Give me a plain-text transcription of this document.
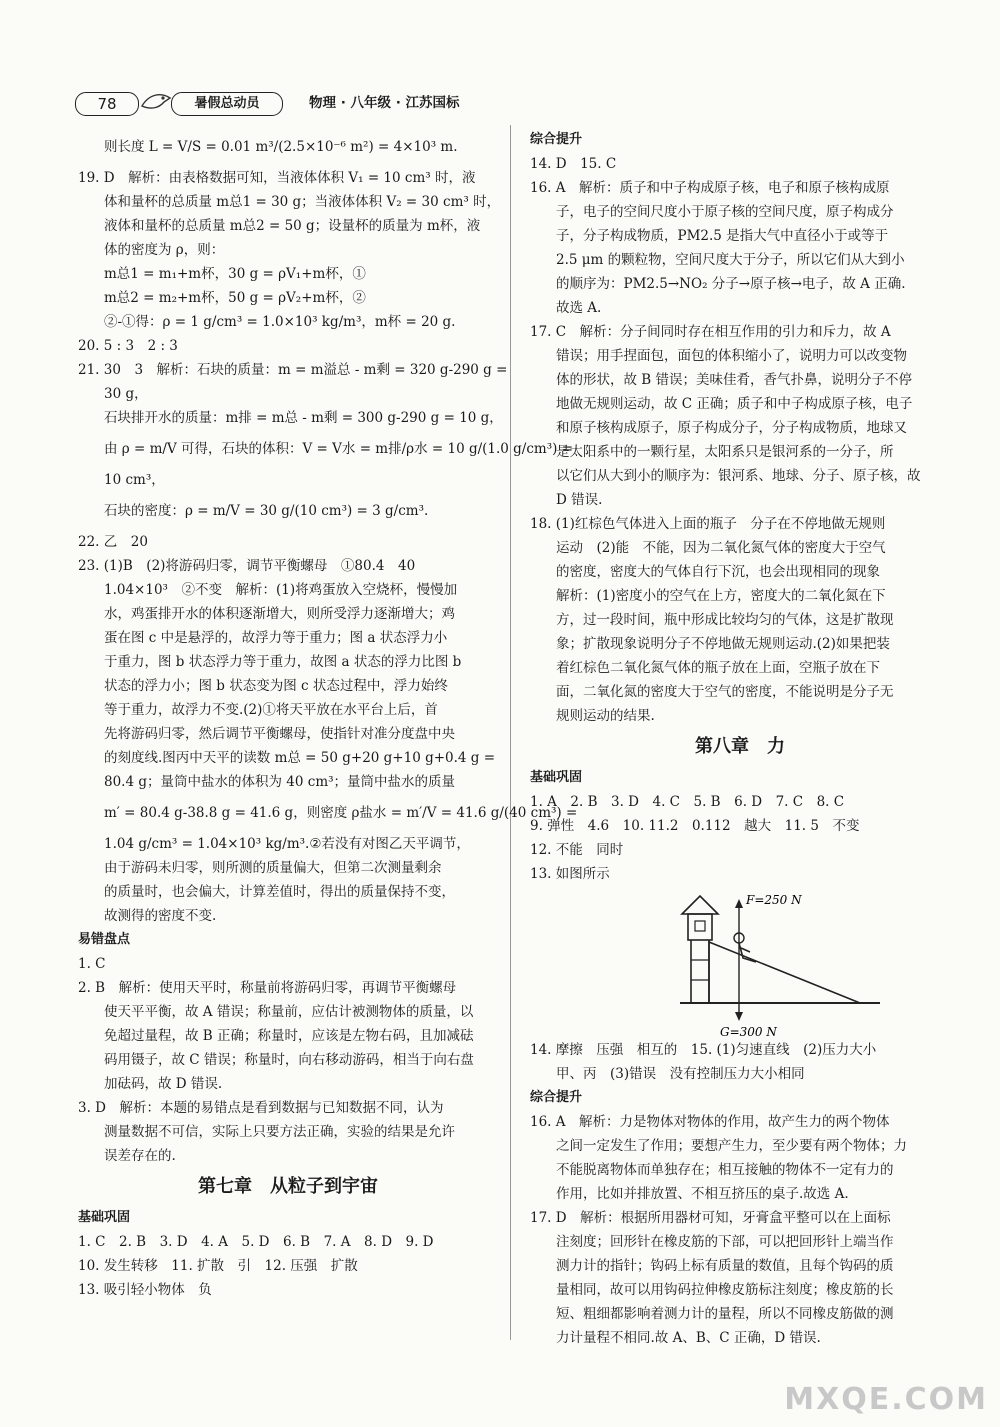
78	暑假总动员	物理 · 八年级 · 江苏国标
则长度 L = V/S = 0.01 m³/(2.5×10⁻⁶ m²) = 4×10³ m.
19. D　解析：由表格数据可知，当液体体积 V₁ = 10 cm³ 时，液
体和量杯的总质量 m总1 = 30 g；当液体体积 V₂ = 30 cm³ 时，
液体和量杯的总质量 m总2 = 50 g；设量杯的质量为 m杯，液
体的密度为 ρ，则：
m总1 = m₁+m杯，30 g = ρV₁+m杯，①
m总2 = m₂+m杯，50 g = ρV₂+m杯，②
②-①得：ρ = 1 g/cm³ = 1.0×10³ kg/m³，m杯 = 20 g.
20. 5 : 3　2 : 3
21. 30　3　解析：石块的质量：m = m溢总 - m剩 = 320 g-290 g =
30 g，
石块排开水的质量：m排 = m总 - m剩 = 300 g-290 g = 10 g，
由 ρ = m/V 可得，石块的体积：V = V水 = m排/ρ水 = 10 g/(1.0 g/cm³) =
10 cm³，
石块的密度：ρ = m/V = 30 g/(10 cm³) = 3 g/cm³.
22. 乙　20
23. (1)B　(2)将游码归零，调节平衡螺母　①80.4　40
1.04×10³　②不变　解析：(1)将鸡蛋放入空烧杯，慢慢加
水，鸡蛋排开水的体积逐渐增大，则所受浮力逐渐增大；鸡
蛋在图 c 中是悬浮的，故浮力等于重力；图 a 状态浮力小
于重力，图 b 状态浮力等于重力，故图 a 状态的浮力比图 b
状态的浮力小；图 b 状态变为图 c 状态过程中，浮力始终
等于重力，故浮力不变.(2)①将天平放在水平台上后，首
先将游码归零，然后调节平衡螺母，使指针对准分度盘中央
的刻度线.图丙中天平的读数 m总 = 50 g+20 g+10 g+0.4 g =
80.4 g；量筒中盐水的体积为 40 cm³；量筒中盐水的质量
m′ = 80.4 g-38.8 g = 41.6 g，则密度 ρ盐水 = m′/V = 41.6 g/(40 cm³) =
1.04 g/cm³ = 1.04×10³ kg/m³.②若没有对图乙天平调节，
由于游码未归零，则所测的质量偏大，但第二次测量剩余
的质量时，也会偏大，计算差值时，得出的质量保持不变，
故测得的密度不变.
易错盘点
1. C
2. B　解析：使用天平时，称量前将游码归零，再调节平衡螺母
使天平平衡，故 A 错误；称量前，应估计被测物体的质量，以
免超过量程，故 B 正确；称量时，应该是左物右码，且加减砝
码用镊子，故 C 错误；称量时，向右移动游码，相当于向右盘
加砝码，故 D 错误.
3. D　解析：本题的易错点是看到数据与已知数据不同，认为
测量数据不可信，实际上只要方法正确，实验的结果是允许
误差存在的.
第七章　从粒子到宇宙
基础巩固
1. C　2. B　3. D　4. A　5. D　6. B　7. A　8. D　9. D
10. 发生转移　11. 扩散　引　12. 压强　扩散
13. 吸引轻小物体　负
综合提升
14. D　15. C
16. A　解析：质子和中子构成原子核，电子和原子核构成原
子，电子的空间尺度小于原子核的空间尺度，原子构成分
子，分子构成物质，PM2.5 是指大气中直径小于或等于
2.5 μm 的颗粒物，空间尺度大于分子，所以它们从大到小
的顺序为：PM2.5→NO₂ 分子→原子核→电子，故 A 正确.
故选 A.
17. C　解析：分子间同时存在相互作用的引力和斥力，故 A
错误；用手捏面包，面包的体积缩小了，说明力可以改变物
体的形状，故 B 错误；美味佳肴，香气扑鼻，说明分子不停
地做无规则运动，故 C 正确；质子和中子构成原子核，电子
和原子核构成原子，原子构成分子，分子构成物质，地球又
是太阳系中的一颗行星，太阳系只是银河系的一分子，所
以它们从大到小的顺序为：银河系、地球、分子、原子核，故
D 错误.
18. (1)红棕色气体进入上面的瓶子　分子在不停地做无规则
运动　(2)能　不能，因为二氧化氮气体的密度大于空气
的密度，密度大的气体自行下沉，也会出现相同的现象
解析：(1)密度小的空气在上方，密度大的二氧化氮在下
方，过一段时间，瓶中形成比较均匀的气体，这是扩散现
象；扩散现象说明分子不停地做无规则运动.(2)如果把装
着红棕色二氧化氮气体的瓶子放在上面，空瓶子放在下
面，二氧化氮的密度大于空气的密度，不能说明是分子无
规则运动的结果.
第八章　力
基础巩固
1. A　2. B　3. D　4. C　5. B　6. D　7. C　8. C
9. 弹性　4.6　10. 11.2　0.112　越大　11. 5　不变
12. 不能　同时
13. 如图所示
F=250 N
G=300 N
14. 摩擦　压强　相互的　15. (1)匀速直线　(2)压力大小
甲、丙　(3)错误　没有控制压力大小相同
综合提升
16. A　解析：力是物体对物体的作用，故产生力的两个物体
之间一定发生了作用；要想产生力，至少要有两个物体；力
不能脱离物体而单独存在；相互接触的物体不一定有力的
作用，比如并排放置、不相互挤压的桌子.故选 A.
17. D　解析：根据所用器材可知，牙膏盒平整可以在上面标
注刻度；回形针在橡皮筋的下部，可以把回形针上端当作
测力计的指针；钩码上标有质量的数值，且每个钩码的质
量相同，故可以用钩码拉伸橡皮筋标注刻度；橡皮筋的长
短、粗细都影响着测力计的量程，所以不同橡皮筋做的测
力计量程不相同.故 A、B、C 正确，D 错误.
MXQE.COM
